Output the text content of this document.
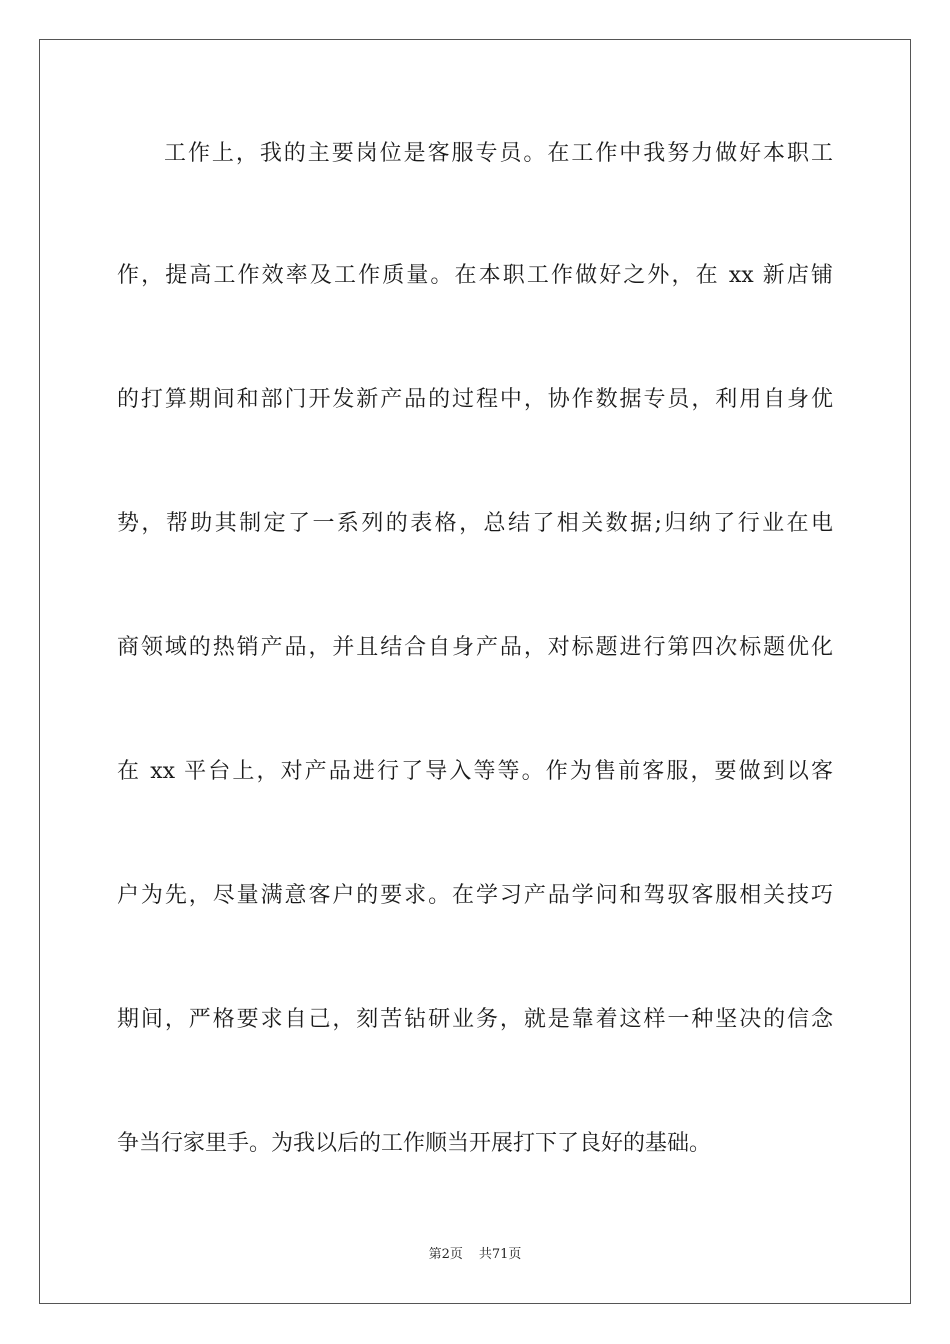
工作上，我的主要岗位是客服专员。在工作中我努力做好本职工
作，提高工作效率及工作质量。在本职工作做好之外，在 xx 新店铺
的打算期间和部门开发新产品的过程中，协作数据专员，利用自身优
势，帮助其制定了一系列的表格，总结了相关数据;归纳了行业在电
商领域的热销产品，并且结合自身产品，对标题进行第四次标题优化
在 xx 平台上，对产品进行了导入等等。作为售前客服，要做到以客
户为先，尽量满意客户的要求。在学习产品学问和驾驭客服相关技巧
期间，严格要求自己，刻苦钻研业务，就是靠着这样一种坚决的信念
争当行家里手。为我以后的工作顺当开展打下了良好的基础。
第2页 共71页
